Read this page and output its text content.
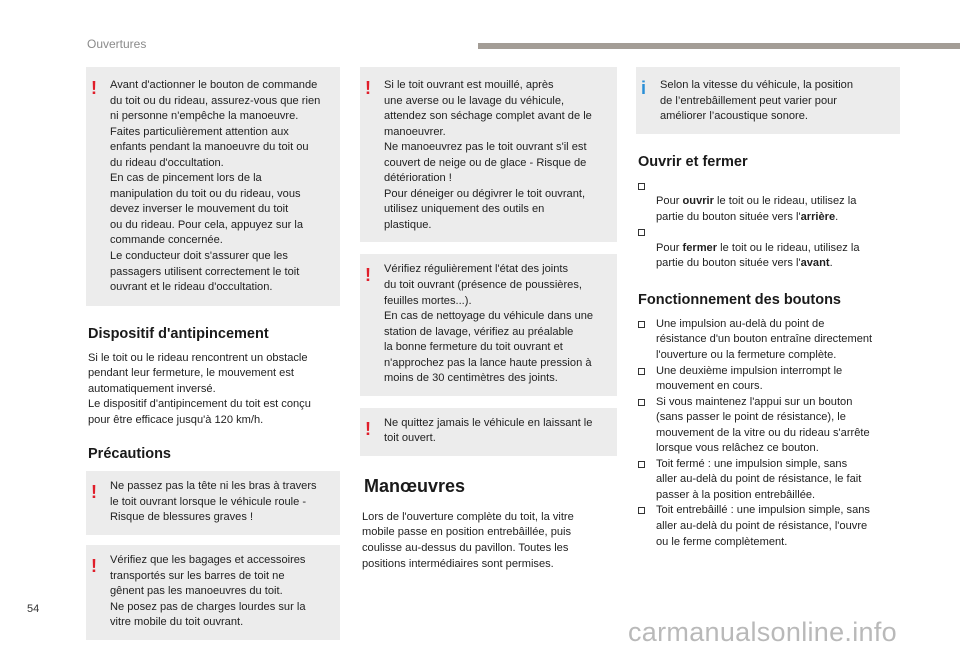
Ouvertures
! Avant d'actionner le bouton de commande
du toit ou du rideau, assurez-vous que rien
ni personne n'empêche la manoeuvre.
Faites particulièrement attention aux
enfants pendant la manoeuvre du toit ou
du rideau d'occultation.
En cas de pincement lors de la
manipulation du toit ou du rideau, vous
devez inverser le mouvement du toit
ou du rideau. Pour cela, appuyez sur la
commande concernée.
Le conducteur doit s'assurer que les
passagers utilisent correctement le toit
ouvrant et le rideau d'occultation.

Dispositif d'antipincement
Si le toit ou le rideau rencontrent un obstacle
pendant leur fermeture, le mouvement est
automatiquement inversé.
Le dispositif d'antipincement du toit est conçu
pour être efficace jusqu'à 120 km/h.
Précautions
! Ne passez pas la tête ni les bras à travers
le toit ouvrant lorsque le véhicule roule -
Risque de blessures graves !

! Vérifiez que les bagages et accessoires
transportés sur les barres de toit ne
gênent pas les manoeuvres du toit.
Ne posez pas de charges lourdes sur la
vitre mobile du toit ouvrant.

! Si le toit ouvrant est mouillé, après
une averse ou le lavage du véhicule,
attendez son séchage complet avant de le
manoeuvrer.
Ne manoeuvrez pas le toit ouvrant s'il est
couvert de neige ou de glace - Risque de
détérioration !
Pour déneiger ou dégivrer le toit ouvrant,
utilisez uniquement des outils en
plastique.

! Vérifiez régulièrement l'état des joints
du toit ouvrant (présence de poussières,
feuilles mortes...).
En cas de nettoyage du véhicule dans une
station de lavage, vérifiez au préalable
la bonne fermeture du toit ouvrant et
n'approchez pas la lance haute pression à
moins de 30 centimètres des joints.

! Ne quittez jamais le véhicule en laissant le
toit ouvert.

Manœuvres
Lors de l'ouverture complète du toit, la vitre
mobile passe en position entrebâillée, puis
coulisse au-dessus du pavillon. Toutes les
positions intermédiaires sont permises.
i Selon la vitesse du véhicule, la position
de l’entrebâillement peut varier pour
améliorer l’acoustique sonore.

Ouvrir et fermer

Pour ouvrir le toit ou le rideau, utilisez la
partie du bouton située vers l'arrière.

Pour fermer le toit ou le rideau, utilisez la
partie du bouton située vers l'avant.

Fonctionnement des boutons
Une impulsion au-delà du point de
résistance d'un bouton entraîne directement
l'ouverture ou la fermeture complète.
Une deuxième impulsion interrompt le
mouvement en cours.
Si vous maintenez l'appui sur un bouton
(sans passer le point de résistance), le
mouvement de la vitre ou du rideau s'arrête
lorsque vous relâchez ce bouton.
Toit fermé : une impulsion simple, sans
aller au-delà du point de résistance, le fait
passer à la position entrebâillée.
Toit entrebâillé : une impulsion simple, sans
aller au-delà du point de résistance, l'ouvre
ou le ferme complètement.
54
carmanualsonline.info
